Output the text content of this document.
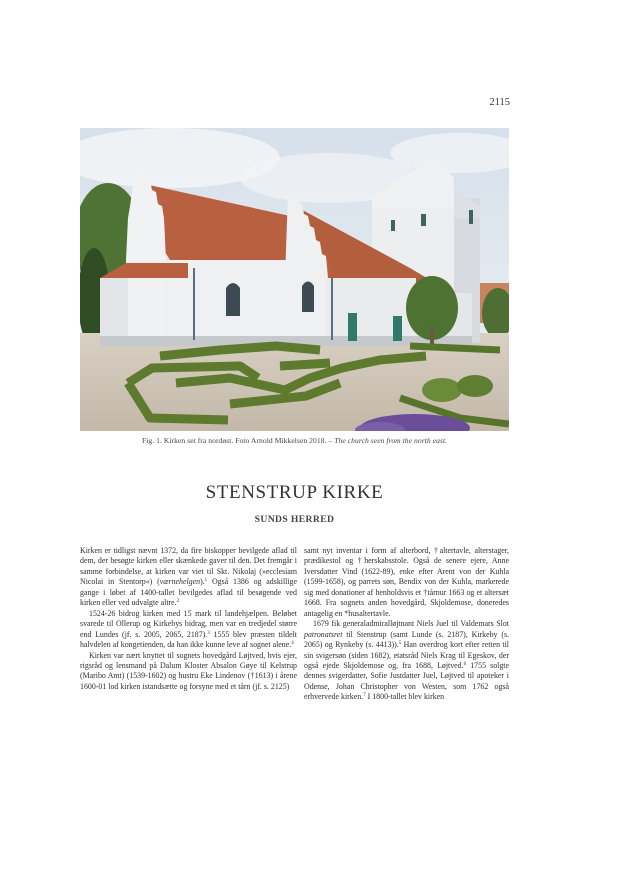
2115
Fig. 1. Kirken set fra nordøst. Foto Arnold Mikkelsen 2018. – The church seen from the north east.
STENSTRUP KIRKE
SUNDS HERRED

Kirken er tidligst nævnt 1372, da fire biskopper bevilgede aflad til dem, der besøgte kirken eller skænkede gaver til den. Det fremgår i samme forbindelse, at kirken var viet til Skt. Nikolaj (»ecclesiam Nicolai in Stentorp«) (værnehelgen).$^1$ Også 1386 og adskillige gange i løbet af 1400-tallet bevilgedes aflad til besøgende ved kirken eller ved udvalgte altre.$^2$

1524-26 bidrog kirken med 15 mark til landehjælpen. Beløbet svarede til Ollerup og Kirkebys bidrag, men var en tredjedel større end Lundes (jf. s. 2005, 2065, 2187).$^3$ 1555 blev præsten tildelt halvdelen af kongetienden, da han ikke kunne leve af sognet alene.$^4$

Kirken var nært knyttet til sognets hovedgård Løjtved, hvis ejer, rigsråd og lensmand på Dalum Kloster Absalon Gøye til Kelstrup (Maribo Amt) (1539-1602) og hustru Eke Lindenov (†1613) i årene 1600-01 lod kirken istandsætte og forsyne med et tårn (jf. s. 2125)

samt nyt inventar i form af alterbord, †altertavle, alterstager, prædikestol og †herskabsstole. Også de senere ejere, Anne Iversdatter Vind (1622-89), enke efter Arent von der Kuhla (1599-1658), og parrets søn, Bendix von der Kuhla, markerede sig med donationer af henholdsvis et †tårnur 1663 og et altersæt 1668. Fra sognets anden hovedgård, Skjoldemose, doneredes antagelig en *husaltertavle.

1679 fik generaladmiralløjtnant Niels Juel til Valdemars Slot patronatsret til Stenstrup (samt Lunde (s. 2187), Kirkeby (s. 2065) og Rynkeby (s. 4413)).$^5$ Han overdrog kort efter retten til sin svigersøn (siden 1682), etatsråd Niels Krag til Egeskov, der også ejede Skjoldemose og, fra 1688, Løjtved.$^6$ 1755 solgte dennes svigerdatter, Sofie Justdatter Juel, Løjtved til apoteker i Odense, Johan Christopher von Westen, som 1762 også erhvervede kirken.$^7$ I 1800-tallet blev kirken
